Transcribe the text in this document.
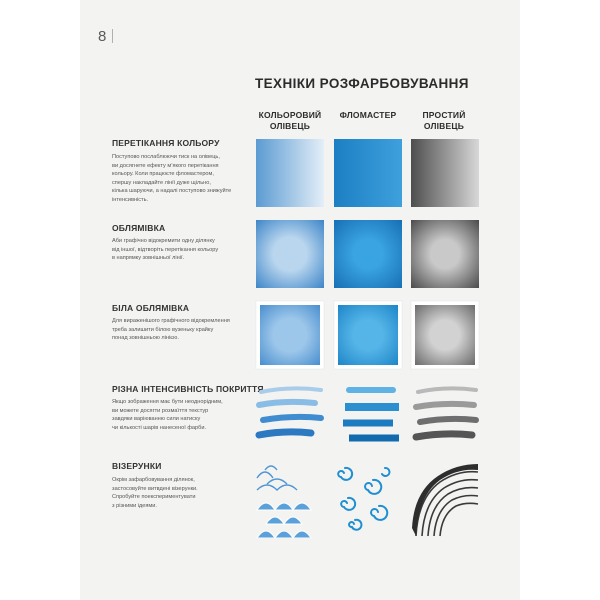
8
ТЕХНІКИ РОЗФАРБОВУВАННЯ
КОЛЬОРОВИЙ
ОЛІВЕЦЬ
ФЛОМАСТЕР	ПРОСТИЙ
ОЛІВЕЦЬ
ПЕРЕТІКАННЯ КОЛЬОРУ
Поступово послаблюючи тиск на олівець,
ви досягнете ефекту м’якого перетікання
кольору. Коли працюєте фломастером,
спершу накладайте лінії дуже щільно,
кілька шаруючи, а надалі поступово знижуйте
інтенсивність.
ОБЛЯМІВКА
Аби графічно відокремити одну ділянку
від іншої, відтворіть перетікання кольору
в напрямку зовнішньої лінії.
БІЛА ОБЛЯМІВКА
Для вираженішого графічного відокремлення
треба залишити білою вузеньку крайку
понад зовнішньою лінією.
РІЗНА ІНТЕНСИВНІСТЬ ПОКРИТТЯ
Якщо зображення має бути неоднорідним,
ви можете досягти розмаїття текстур
завдяки варіюванню сили натиску
чи кількості шарів нанесеної фарби.
ВІЗЕРУНКИ
Окрім зафарбовування ділянок,
застосовуйте витвдені візерунки.
Спробуйте поекспериментувати
з різними ідеями.
